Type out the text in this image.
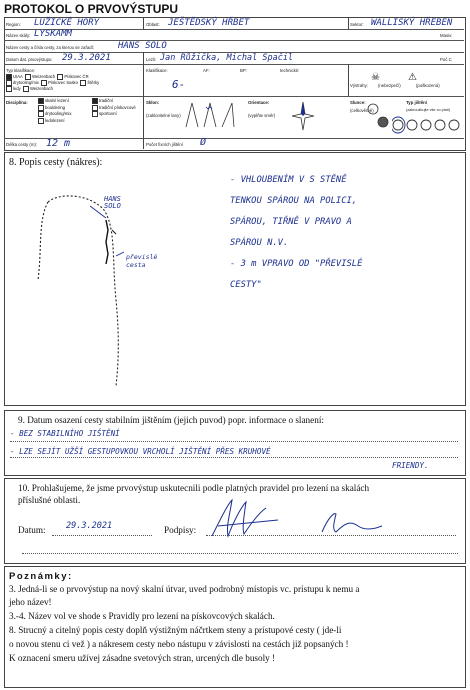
PROTOKOL O PRVOVÝSTUPU
Region: LUŽICKÉ HORY	Oblast: JEŠTĚDSKÝ HŘBET	Sektor: WALLISKÝ HŘEBEN
Masiv:
Název skály: LYSKAMM
Název cesty a čísla cesty, za kterou se zařadí:	HANS SOLO
Poč.C
Datum dat. prvovýstupu: 29.3.2021	Lezli: Jan Růžička, Michal Spačil
Typ klasifikace:
UIAA Weizenbach Pískovec ČR
drytooling/mix Pískovec Sasko Štěrky
ledy Weizenbach
Klasifikace:
6-
AF:	BP:	technické:
Výstrahy:
☠
(nebezpečí)
⚠
(poškozená)
Disciplína:	skalní lezení
bouldering
drytooling/mix
ledolezení
tradiční
tradiční pískovcové
sportovní
Sklon:
(zaklonitelné lany)
Orientace:
(vyplňte směr)
Slunce:
(celkověrně)
Typ jištění
(zakroužkujte vše co platí)
Délka cesty (m): 12 m	Počet fixních jištění Ø
8. Popis cesty (nákres):
HANS SOLO
převislé cesta
- VHLOUBENÍM V S STĚNĚ
TENKOU SPÁROU NA POLICI,
SPÁROU, TIŘNĚ V PRAVO A
SPÁROU N.V.
- 3 m VPRAVO OD "PŘEVISLÉ
CESTY"
9. Datum osazení cesty stabilním jištěním (jejich puvod) popr. informace o slanení:
- BEZ STABILNÍHO JIŠTĚNÍ
- LZE SEJÍT UŽŠÍ GESTUPOVKOU VRCHOLÍ JIŠTĚNÍ PŘES KRUHOVÉ
FRIENDY.
10. Prohlašujeme, že jsme prvovýstup uskutecnili podle platných pravidel pro lezení na skalách
příslušné oblasti.
Datum: 29.3.2021	Podpisy:
Poznámky:
3. Jedná-li se o prvovýstup na nový skalní útvar, uved podrobný místopis vc. prístupu k nemu a
jeho název!
3.-4. Název vol ve shode s Pravidly pro lezení na pískovcových skalách.
8. Strucný a citelný popis cesty doplň výstižným náčrtkem steny a prístupové cesty ( jde-li
o novou stenu ci vež ) a nákresem cesty nebo nástupu v závislosti na cestách již popsaných !
K oznacení smeru užívej zásadne svetových stran, urcených dle busoly !
